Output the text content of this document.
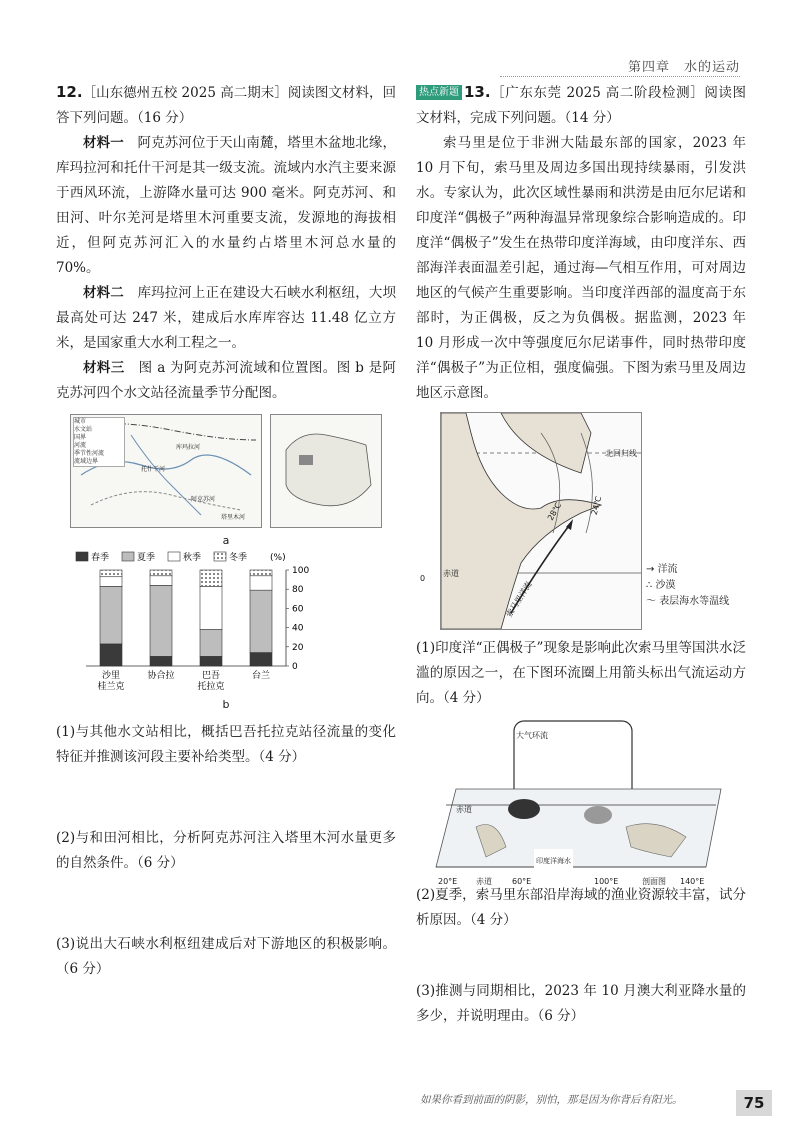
第四章　水的运动

12.［山东德州五校 2025 高二期末］阅读图文材料，回答下列问题。（16 分）

材料一　 阿克苏河位于天山南麓，塔里木盆地北缘，库玛拉河和托什干河是其一级支流。流域内水汽主要来源于西风环流，上游降水量可达 900 毫米。阿克苏河、和田河、叶尔羌河是塔里木河重要支流，发源地的海拔相近，但阿克苏河汇入的水量约占塔里木河总水量的 70%。

材料二　 库玛拉河上正在建设大石峡水利枢纽，大坝最高处可达 247 米，建成后水库库容达 11.48 亿立方米，是国家重大水利工程之一。

材料三　 图 a 为阿克苏河流域和位置图。图 b 是阿克苏河四个水文站径流量季节分配图。

城市
水文站
国界
河流
季节性河流
流域边界
托什干河
库玛拉河
阿克苏河
塔里木河
a
春季	夏季	秋季	冬季	(%)
0
20
40
60
80
100
沙里桂兰克
协合拉	巴吾托拉克
台兰
b

(1)与其他水文站相比，概括巴吾托拉克站径流量的变化特征并推测该河段主要补给类型。（4 分）

(2)与和田河相比，分析阿克苏河注入塔里木河水量更多的自然条件。（6 分）

(3)说出大石峡水利枢纽建成后对下游地区的积极影响。（6 分）

热点新题 13.［广东东莞 2025 高二阶段检测］阅读图文材料，完成下列问题。（14 分）

索马里是位于非洲大陆最东部的国家，2023 年 10 月下旬，索马里及周边多国出现持续暴雨，引发洪水。专家认为，此次区域性暴雨和洪涝是由厄尔尼诺和印度洋“偶极子”两种海温异常现象综合影响造成的。印度洋“偶极子”发生在热带印度洋海域，由印度洋东、西部海洋表面温差引起，通过海—气相互作用，可对周边地区的气候产生重要影响。当印度洋西部的温度高于东部时，为正偶极，反之为负偶极。据监测，2023 年 10 月形成一次中等强度厄尔尼诺事件，同时热带印度洋“偶极子”为正位相，强度偏强。下图为索马里及周边地区示意图。

北回归线
赤道
28℃	24℃
索马里洋流
0
→ 洋流
∴ 沙漠
～ 表层海水等温线

(1)印度洋“正偶极子”现象是影响此次索马里等国洪水泛滥的原因之一，在下图环流圈上用箭头标出气流运动方向。（4 分）

大气环流
赤道
20°E	60°E	100°E	140°E
赤道
印度洋海水
剖面图

(2)夏季，索马里东部沿岸海域的渔业资源较丰富，试分析原因。（4 分）

(3)推测与同期相比，2023 年 10 月澳大利亚降水量的多少，并说明理由。（6 分）

如果你看到前面的阴影，别怕，那是因为你背后有阳光。	75
